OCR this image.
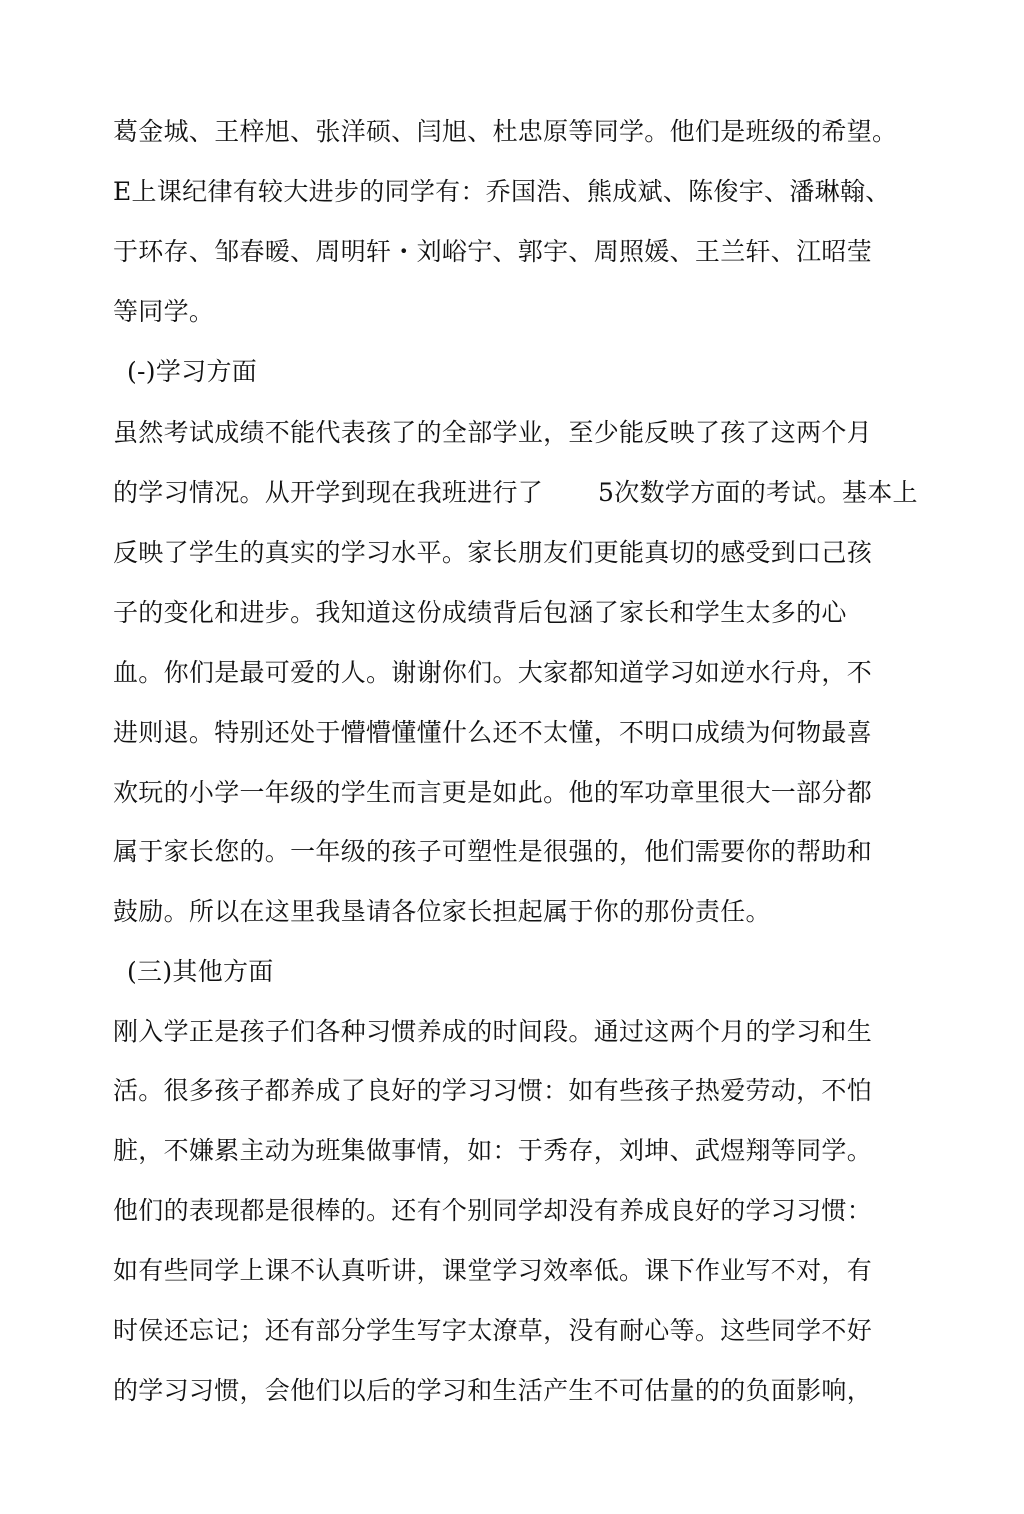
葛金城、王梓旭、张洋硕、闫旭、杜忠原等同学。他们是班级的希望。
E上课纪律有较大进步的同学有：乔国浩、熊成斌、陈俊宇、潘琳翰、
于环存、邹春暧、周明轩・刘峪宁、郭宇、周照媛、王兰轩、江昭莹
等同学。
(-)学习方面
虽然考试成绩不能代表孩了的全部学业，至少能反映了孩了这两个月
的学习情况。从开学到现在我班进行了 5次数学方面的考试。基本上
反映了学生的真实的学习水平。家长朋友们更能真切的感受到口己孩
子的变化和进步。我知道这份成绩背后包涵了家长和学生太多的心
血。你们是最可爱的人。谢谢你们。大家都知道学习如逆水行舟，不
进则退。特别还处于懵懵懂懂什么还不太懂，不明口成绩为何物最喜
欢玩的小学一年级的学生而言更是如此。他的军功章里很大一部分都
属于家长您的。一年级的孩子可塑性是很强的，他们需要你的帮助和
鼓励。所以在这里我垦请各位家长担起属于你的那份责任。
(三)其他方面
刚入学正是孩子们各种习惯养成的时间段。通过这两个月的学习和生
活。很多孩子都养成了良好的学习习惯：如有些孩子热爱劳动，不怕
脏，不嫌累主动为班集做事情，如：于秀存，刘坤、武煜翔等同学。
他们的表现都是很棒的。还有个别同学却没有养成良好的学习习惯：
如有些同学上课不认真听讲，课堂学习效率低。课下作业写不对，有
时侯还忘记；还有部分学生写字太潦草，没有耐心等。这些同学不好
的学习习惯，会他们以后的学习和生活产生不可估量的的负面影响，
